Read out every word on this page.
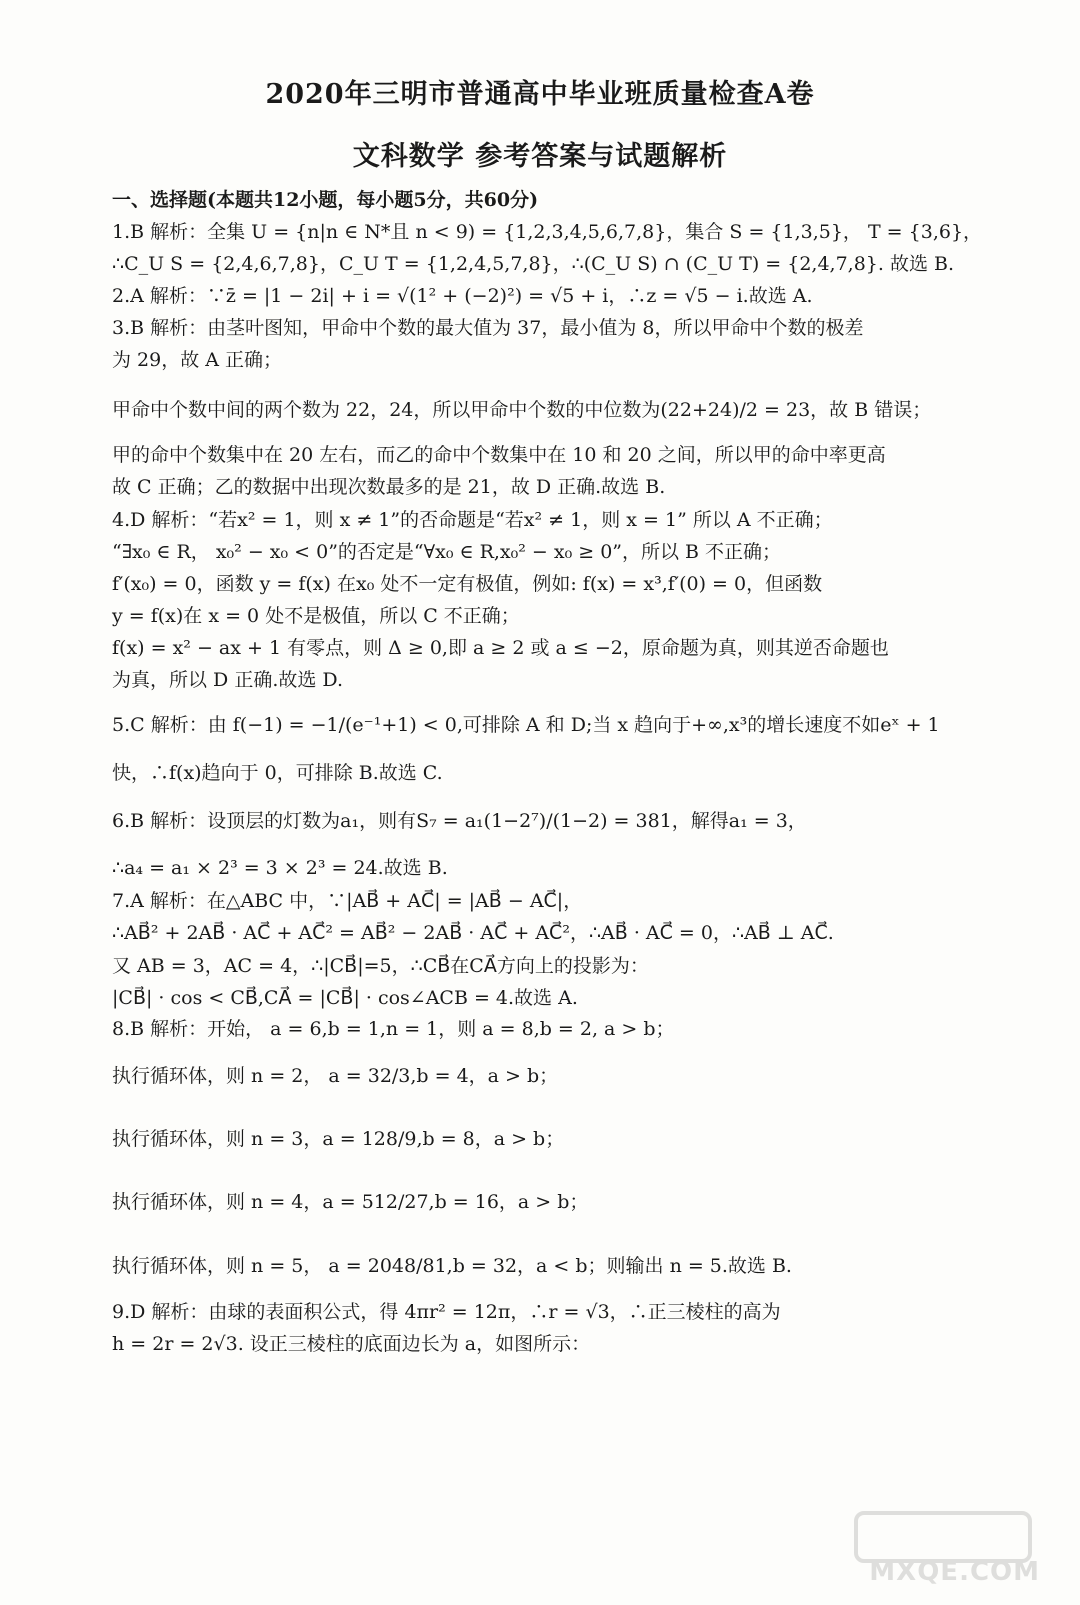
2020年三明市普通高中毕业班质量检查A卷
文科数学 参考答案与试题解析
一、选择题(本题共12小题，每小题5分，共60分)
1.B 解析：全集 U = {n|n ∈ N*且 n < 9) = {1,2,3,4,5,6,7,8}，集合 S = {1,3,5}， T = {3,6}，
∴C_U S = {2,4,6,7,8}，C_U T = {1,2,4,5,7,8}，∴(C_U S) ∩ (C_U T) = {2,4,7,8}. 故选 B.
2.A 解析：∵z̄ = |1 − 2i| + i = √(1² + (−2)²) = √5 + i，∴z = √5 − i.故选 A.
3.B 解析：由茎叶图知，甲命中个数的最大值为 37，最小值为 8，所以甲命中个数的极差
为 29，故 A 正确；
甲命中个数中间的两个数为 22，24，所以甲命中个数的中位数为(22+24)/2 = 23，故 B 错误；
甲的命中个数集中在 20 左右，而乙的命中个数集中在 10 和 20 之间，所以甲的命中率更高
故 C 正确；乙的数据中出现次数最多的是 21，故 D 正确.故选 B.
4.D 解析：“若x² = 1，则 x ≠ 1”的否命题是“若x² ≠ 1，则 x = 1” 所以 A 不正确；
“∃x₀ ∈ R， x₀² − x₀ < 0”的否定是“∀x₀ ∈ R,x₀² − x₀ ≥ 0”，所以 B 不正确；
f′(x₀) = 0，函数 y = f(x) 在x₀ 处不一定有极值，例如: f(x) = x³,f′(0) = 0，但函数
y = f(x)在 x = 0 处不是极值，所以 C 不正确；
f(x) = x² − ax + 1 有零点，则 Δ ≥ 0,即 a ≥ 2 或 a ≤ −2，原命题为真，则其逆否命题也
为真，所以 D 正确.故选 D.
5.C 解析：由 f(−1) = −1/(e⁻¹+1) < 0,可排除 A 和 D;当 x 趋向于+∞,x³的增长速度不如eˣ + 1
快，∴f(x)趋向于 0，可排除 B.故选 C.
6.B 解析：设顶层的灯数为a₁，则有S₇ = a₁(1−2⁷)/(1−2) = 381，解得a₁ = 3，
∴a₄ = a₁ × 2³ = 3 × 2³ = 24.故选 B.
7.A 解析：在△ABC 中，∵|AB⃗ + AC⃗| = |AB⃗ − AC⃗|，
∴AB⃗² + 2AB⃗ · AC⃗ + AC⃗² = AB⃗² − 2AB⃗ · AC⃗ + AC⃗²，∴AB⃗ · AC⃗ = 0，∴AB⃗ ⊥ AC⃗.
又 AB = 3，AC = 4，∴|CB⃗|=5，∴CB⃗在CA⃗方向上的投影为：
|CB⃗| · cos < CB⃗,CA⃗ = |CB⃗| · cos∠ACB = 4.故选 A.
8.B 解析：开始， a = 6,b = 1,n = 1，则 a = 8,b = 2, a > b；
执行循环体，则 n = 2， a = 32/3,b = 4，a > b；
执行循环体，则 n = 3，a = 128/9,b = 8，a > b；
执行循环体，则 n = 4，a = 512/27,b = 16，a > b；
执行循环体，则 n = 5， a = 2048/81,b = 32，a < b；则输出 n = 5.故选 B.
9.D 解析：由球的表面积公式，得 4πr² = 12π，∴r = √3，∴正三棱柱的高为
h = 2r = 2√3. 设正三棱柱的底面边长为 a，如图所示：
MXQE.COM
